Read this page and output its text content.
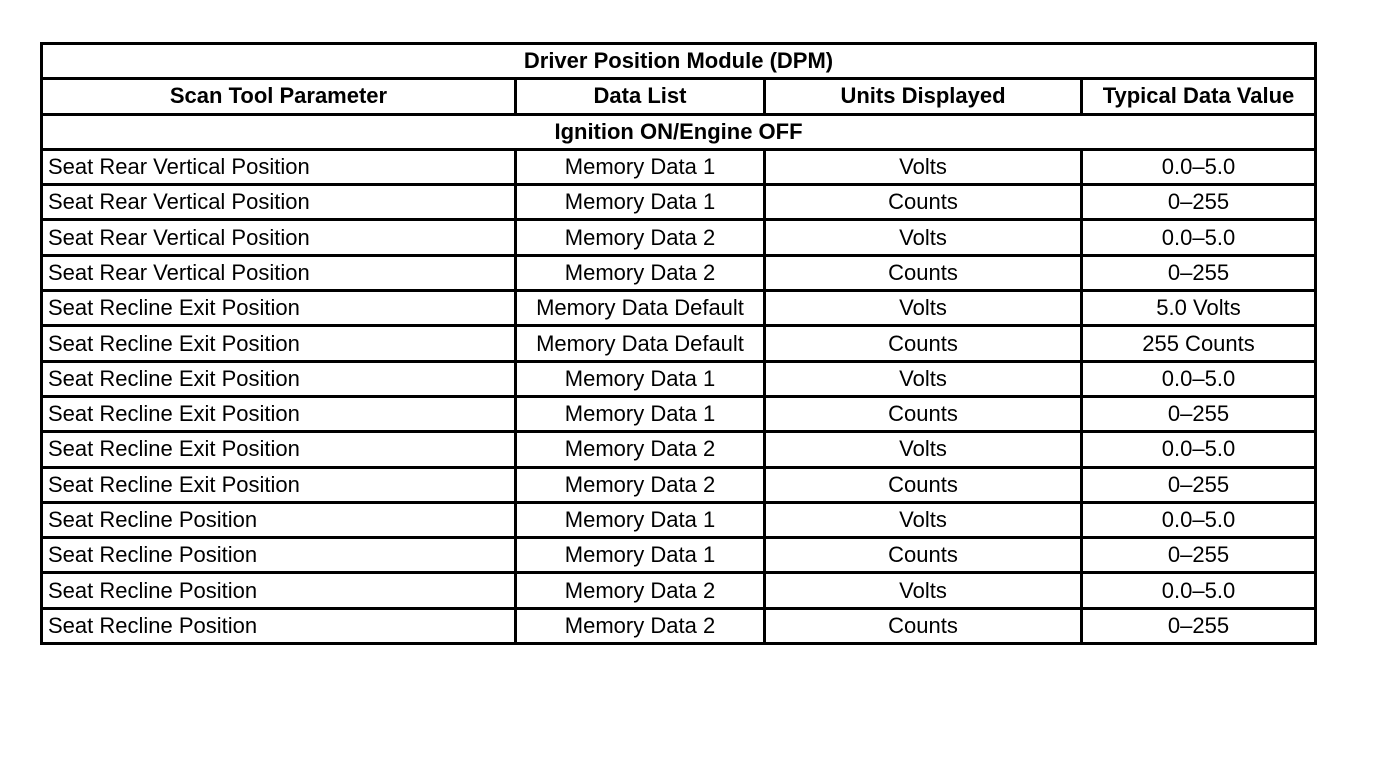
Driver Position Module (DPM)			
Scan Tool Parameter	Data List	Units Displayed	Typical Data Value
Ignition ON/Engine OFF			
Seat Rear Vertical Position	Memory Data 1	Volts	0.0–5.0
Seat Rear Vertical Position	Memory Data 1	Counts	0–255
Seat Rear Vertical Position	Memory Data 2	Volts	0.0–5.0
Seat Rear Vertical Position	Memory Data 2	Counts	0–255
Seat Recline Exit Position	Memory Data Default	Volts	5.0 Volts
Seat Recline Exit Position	Memory Data Default	Counts	255 Counts
Seat Recline Exit Position	Memory Data 1	Volts	0.0–5.0
Seat Recline Exit Position	Memory Data 1	Counts	0–255
Seat Recline Exit Position	Memory Data 2	Volts	0.0–5.0
Seat Recline Exit Position	Memory Data 2	Counts	0–255
Seat Recline Position	Memory Data 1	Volts	0.0–5.0
Seat Recline Position	Memory Data 1	Counts	0–255
Seat Recline Position	Memory Data 2	Volts	0.0–5.0
Seat Recline Position	Memory Data 2	Counts	0–255
